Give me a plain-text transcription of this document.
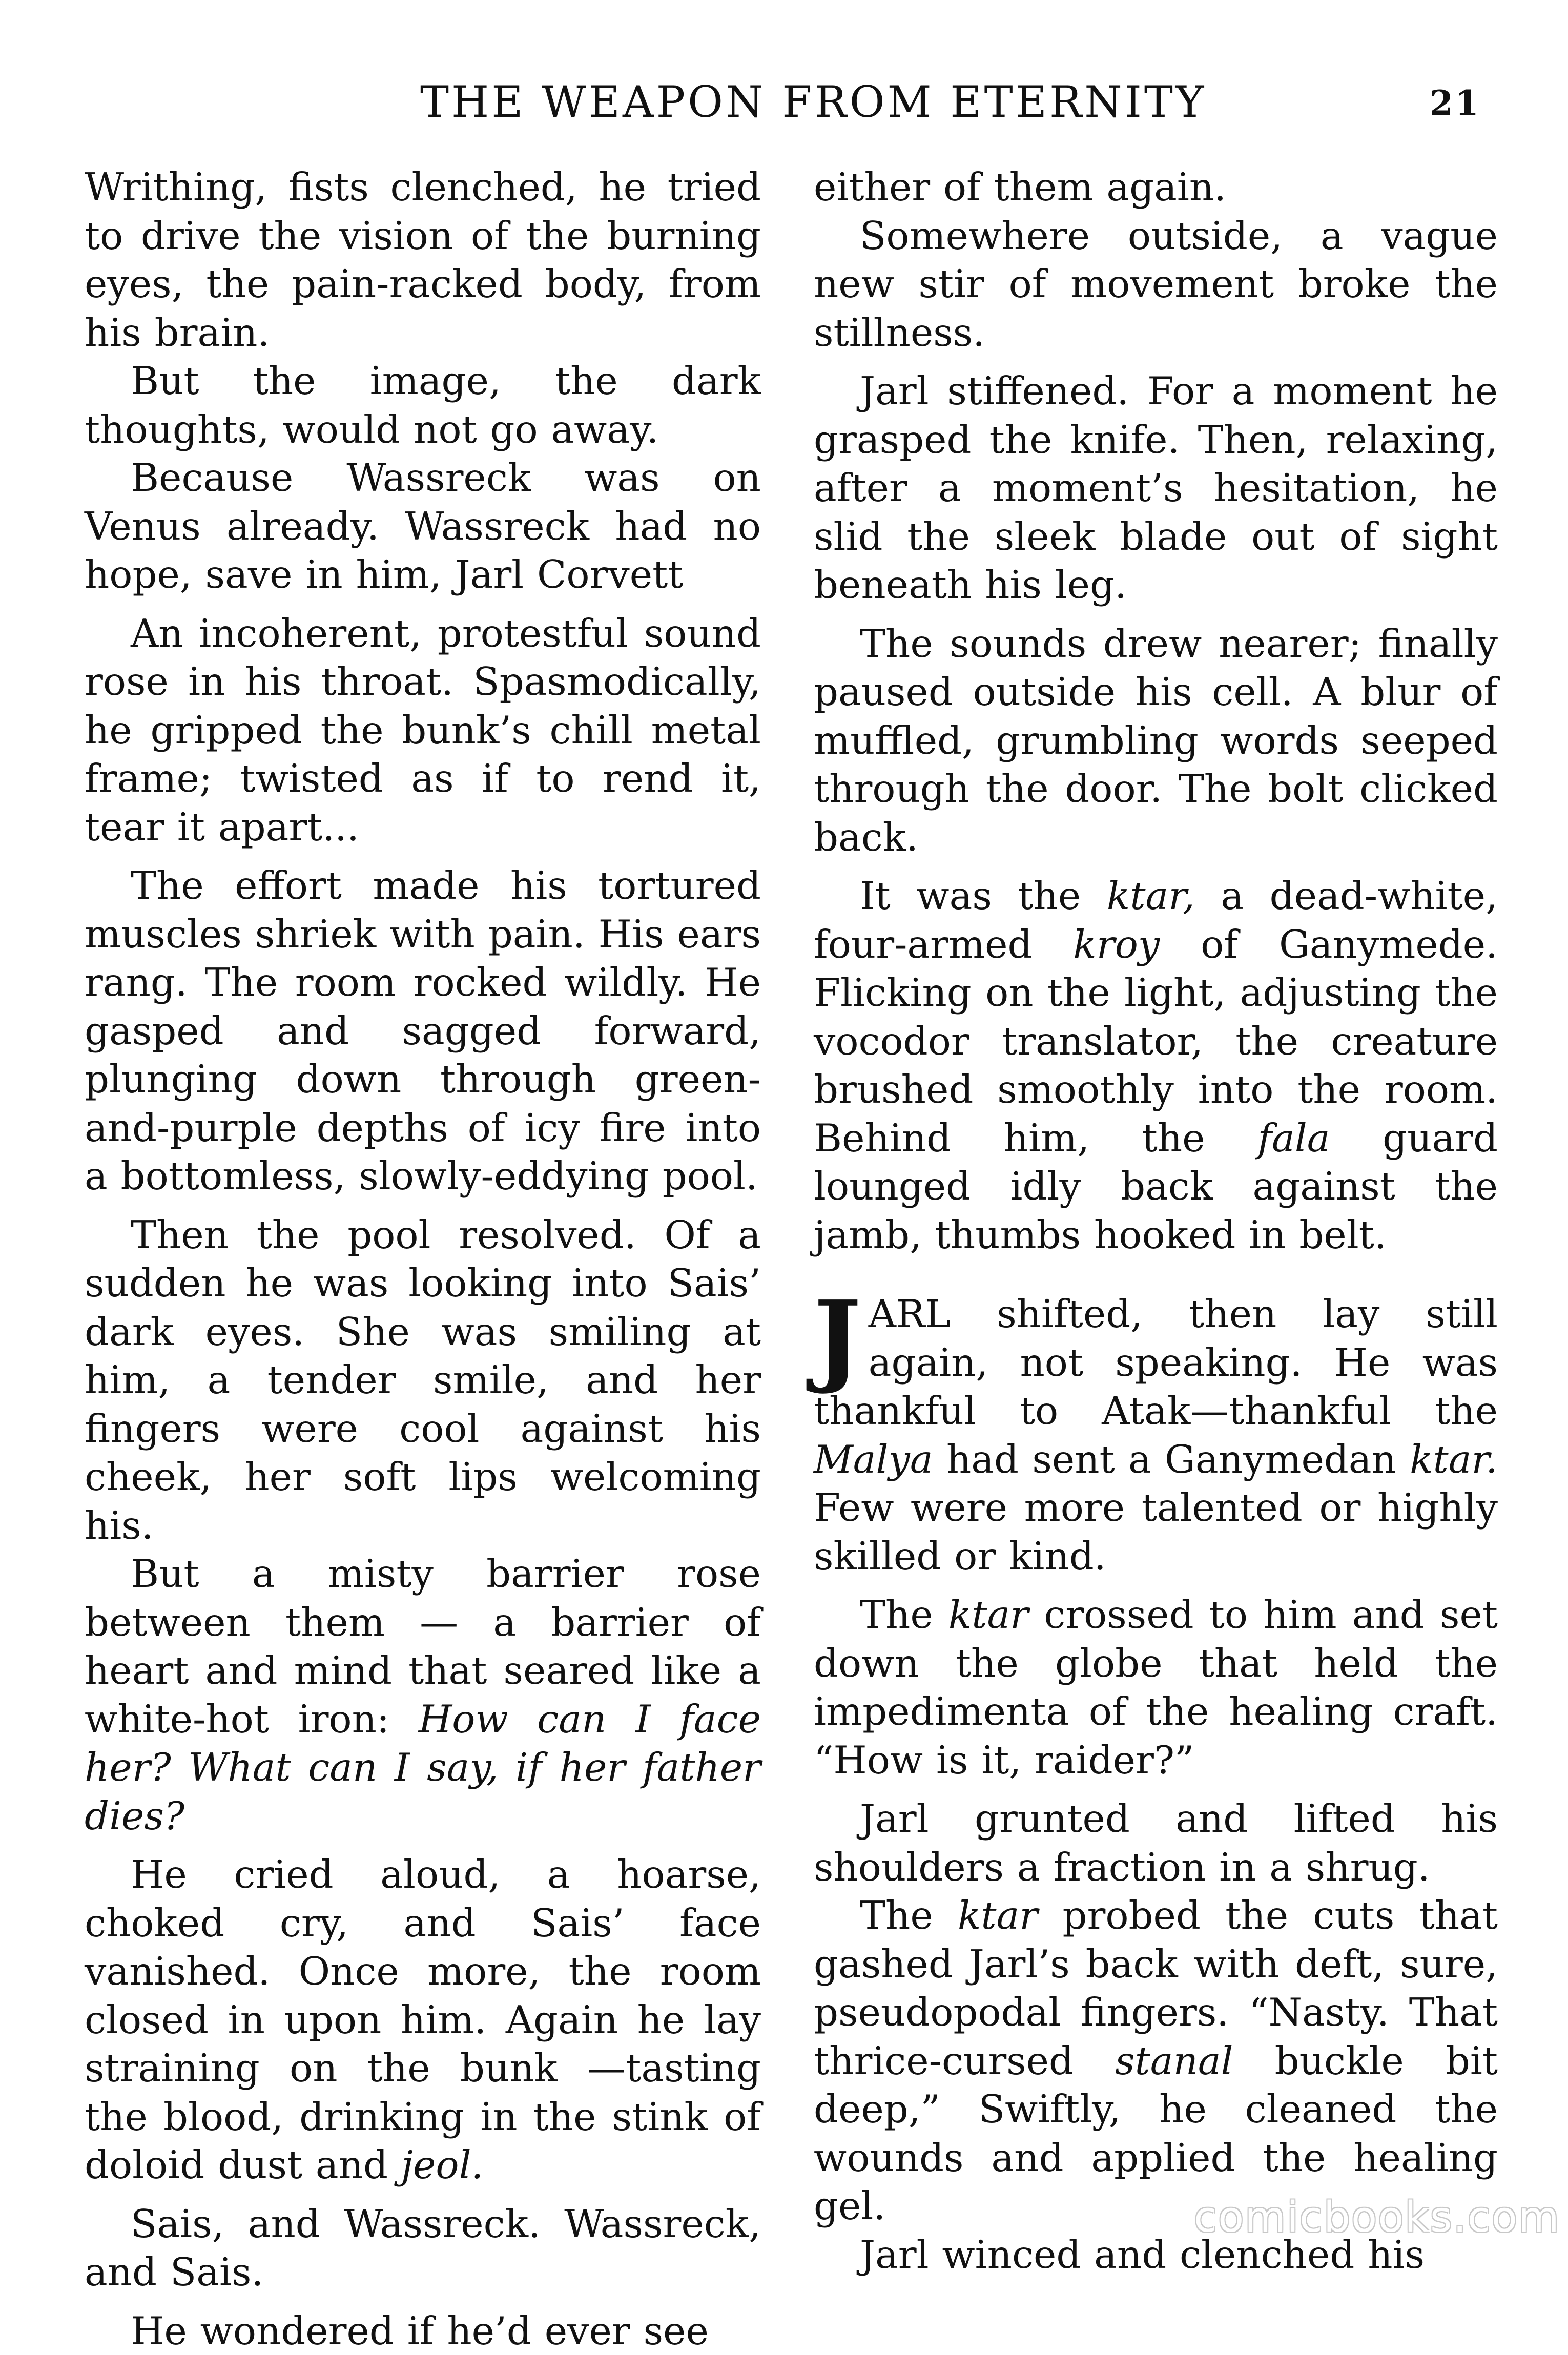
THE WEAPON FROM ETERNITY	21

Writhing, fists clenched, he tried to drive the vision of the burning eyes, the pain-racked body, from his brain.

But the image, the dark thoughts, would not go away.

Because Wassreck was on Venus already. Wassreck had no hope, save in him, Jarl Corvett

An incoherent, protestful sound rose in his throat. Spasmodically, he gripped the bunk’s chill metal frame; twisted as if to rend it, tear it apart...

The effort made his tortured muscles shriek with pain. His ears rang. The room rocked wildly. He gasped and sagged forward, plunging down through green-and-purple depths of icy fire into a bottomless, slowly-eddying pool.

Then the pool resolved. Of a sudden he was looking into Sais’ dark eyes. She was smiling at him, a tender smile, and her fingers were cool against his cheek, her soft lips welcoming his.

But a misty barrier rose between them — a barrier of heart and mind that seared like a white-hot iron: How can I face her? What can I say, if her father dies?

He cried aloud, a hoarse, choked cry, and Sais’ face vanished. Once more, the room closed in upon him. Again he lay straining on the bunk —tasting the blood, drinking in the stink of doloid dust and jeol.

Sais, and Wassreck. Wassreck, and Sais.

He wondered if he’d ever see

either of them again.

Somewhere outside, a vague new stir of movement broke the stillness.

Jarl stiffened. For a moment he grasped the knife. Then, relaxing, after a moment’s hesitation, he slid the sleek blade out of sight beneath his leg.

The sounds drew nearer; finally paused outside his cell. A blur of muffled, grumbling words seeped through the door. The bolt clicked back.

It was the ktar, a dead-white, four-armed kroy of Ganymede. Flicking on the light, adjusting the vocodor translator, the creature brushed smoothly into the room. Behind him, the fala guard lounged idly back against the jamb, thumbs hooked in belt.

J ARL shifted, then lay still again, not speaking. He was thankful to Atak—thankful the Malya had sent a Ganymedan ktar. Few were more talented or highly skilled or kind.

The ktar crossed to him and set down the globe that held the impedimenta of the healing craft. “How is it, raider?”

Jarl grunted and lifted his shoulders a fraction in a shrug.

The ktar probed the cuts that gashed Jarl’s back with deft, sure, pseudopodal fingers. “Nasty. That thrice-cursed stanal buckle bit deep,” Swiftly, he cleaned the wounds and applied the healing gel.

Jarl winced and clenched his

comicbooks.com
